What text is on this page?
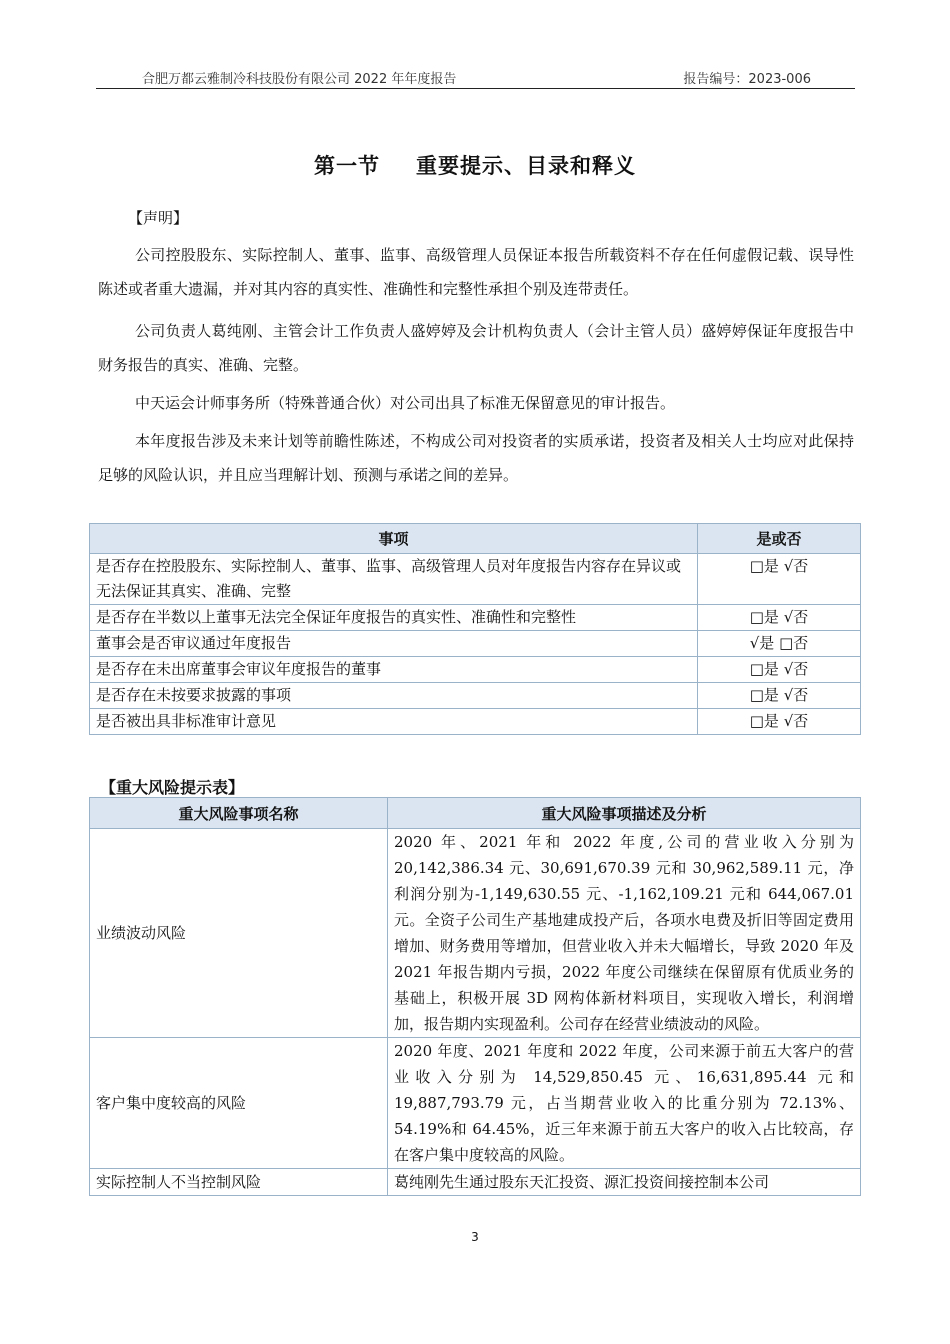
合肥万都云雅制冷科技股份有限公司 2022 年年度报告	报告编号：2023-006
第一节 重要提示、目录和释义
【声明】

公司控股股东、实际控制人、董事、监事、高级管理人员保证本报告所载资料不存在任何虚假记载、误导性陈述或者重大遗漏，并对其内容的真实性、准确性和完整性承担个别及连带责任。

公司负责人葛纯刚、主管会计工作负责人盛婷婷及会计机构负责人（会计主管人员）盛婷婷保证年度报告中财务报告的真实、准确、完整。

中天运会计师事务所（特殊普通合伙）对公司出具了标准无保留意见的审计报告。

本年度报告涉及未来计划等前瞻性陈述，不构成公司对投资者的实质承诺，投资者及相关人士均应对此保持足够的风险认识，并且应当理解计划、预测与承诺之间的差异。

事项	是或否
是否存在控股股东、实际控制人、董事、监事、高级管理人员对年度报告内容存在异议或无法保证其真实、准确、完整	□是 √否
是否存在半数以上董事无法完全保证年度报告的真实性、准确性和完整性	□是 √否
董事会是否审议通过年度报告	√是 □否
是否存在未出席董事会审议年度报告的董事	□是 √否
是否存在未按要求披露的事项	□是 √否
是否被出具非标准审计意见	□是 √否
【重大风险提示表】
重大风险事项名称	重大风险事项描述及分析
业绩波动风险	2020 年、2021 年和 2022 年度,公司的营业收入分别为 20,142,386.34 元、30,691,670.39 元和 30,962,589.11 元，净利润分别为-1,149,630.55 元、-1,162,109.21 元和 644,067.01 元。全资子公司生产基地建成投产后，各项水电费及折旧等固定费用增加、财务费用等增加，但营业收入并未大幅增长，导致 2020 年及 2021 年报告期内亏损，2022 年度公司继续在保留原有优质业务的基础上，积极开展 3D 网构体新材料项目，实现收入增长，利润增加，报告期内实现盈利。公司存在经营业绩波动的风险。
客户集中度较高的风险	2020 年度、2021 年度和 2022 年度，公司来源于前五大客户的营业收入分别为 14,529,850.45 元、16,631,895.44 元和 19,887,793.79 元，占当期营业收入的比重分别为 72.13%、54.19%和 64.45%，近三年来源于前五大客户的收入占比较高，存在客户集中度较高的风险。
实际控制人不当控制风险	葛纯刚先生通过股东天汇投资、源汇投资间接控制本公司
3
